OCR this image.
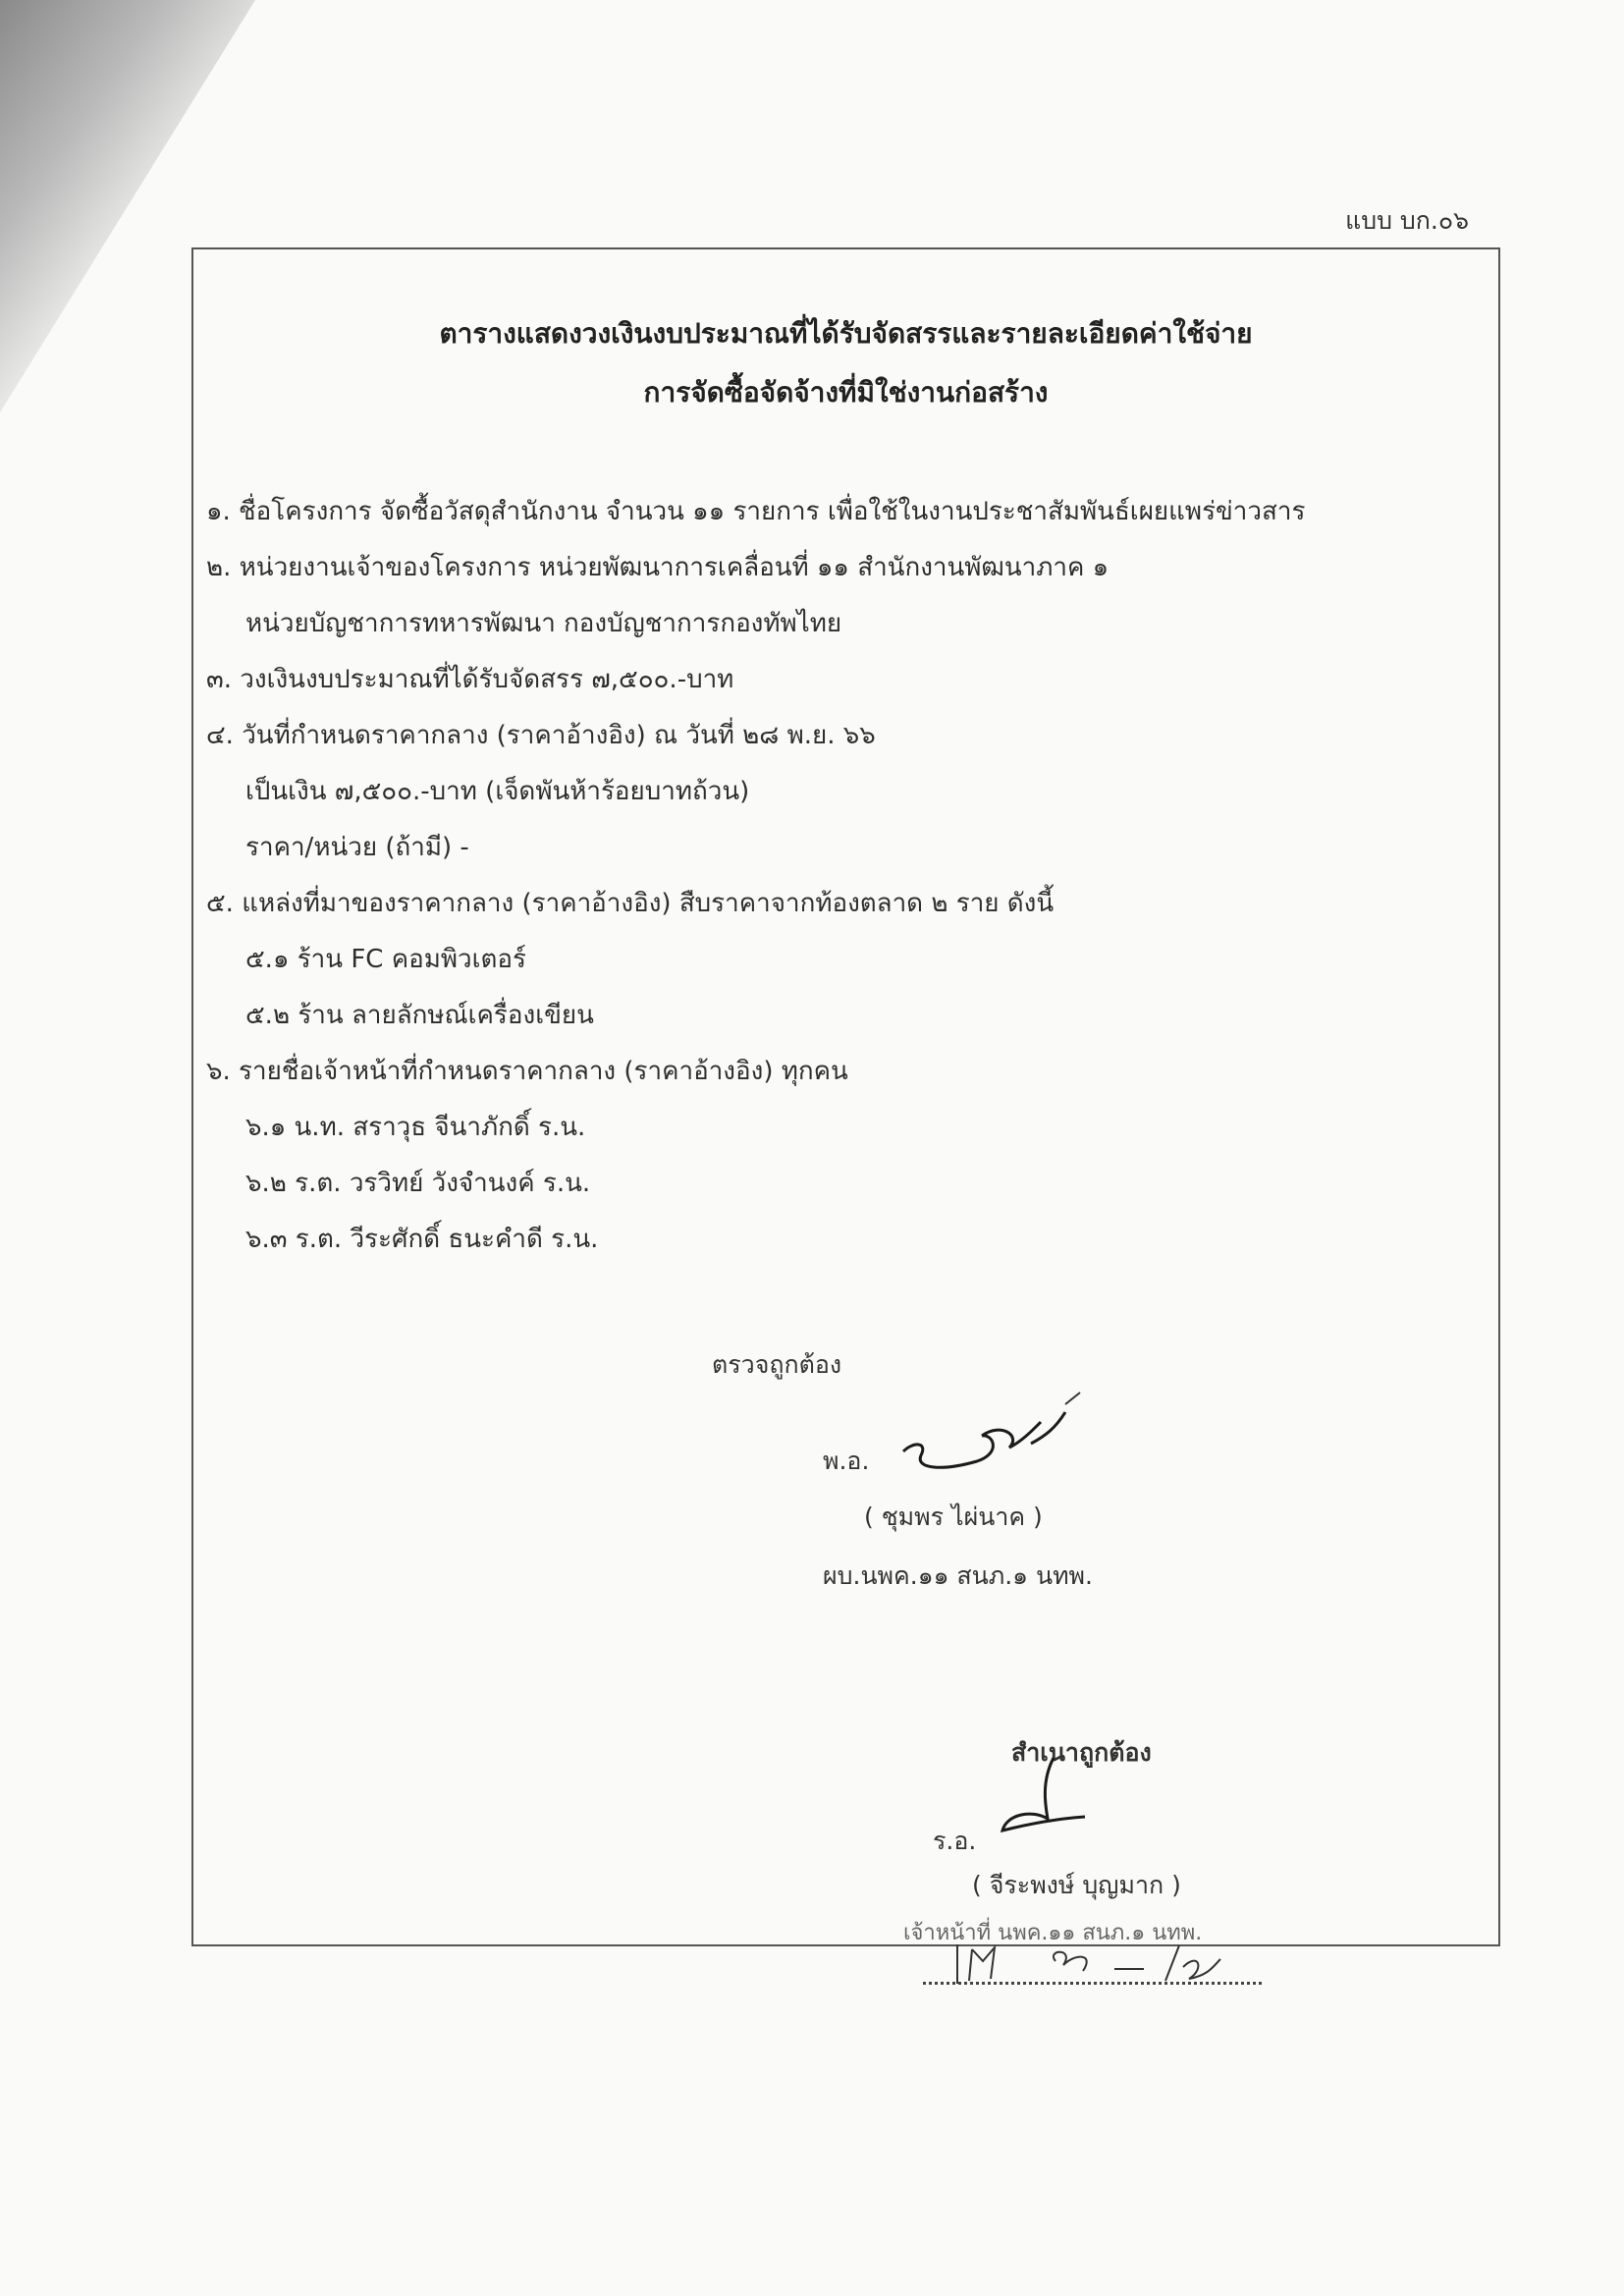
แบบ บก.๐๖
ตารางแสดงวงเงินงบประมาณที่ได้รับจัดสรรและรายละเอียดค่าใช้จ่าย
การจัดซื้อจัดจ้างที่มิใช่งานก่อสร้าง
๑. ชื่อโครงการ จัดซื้อวัสดุสำนักงาน จำนวน ๑๑ รายการ เพื่อใช้ในงานประชาสัมพันธ์เผยแพร่ข่าวสาร
๒. หน่วยงานเจ้าของโครงการ หน่วยพัฒนาการเคลื่อนที่ ๑๑ สำนักงานพัฒนาภาค ๑
หน่วยบัญชาการทหารพัฒนา กองบัญชาการกองทัพไทย
๓. วงเงินงบประมาณที่ได้รับจัดสรร ๗,๕๐๐.-บาท
๔. วันที่กำหนดราคากลาง (ราคาอ้างอิง) ณ วันที่ ๒๘ พ.ย. ๖๖
เป็นเงิน ๗,๕๐๐.-บาท (เจ็ดพันห้าร้อยบาทถ้วน)
ราคา/หน่วย (ถ้ามี) -
๕. แหล่งที่มาของราคากลาง (ราคาอ้างอิง) สืบราคาจากท้องตลาด ๒ ราย ดังนี้
๕.๑ ร้าน FC คอมพิวเตอร์
๕.๒ ร้าน ลายลักษณ์เครื่องเขียน
๖. รายชื่อเจ้าหน้าที่กำหนดราคากลาง (ราคาอ้างอิง) ทุกคน
๖.๑ น.ท. สราวุธ จีนาภักดิ์ ร.น.
๖.๒ ร.ต. วรวิทย์ วังจำนงค์ ร.น.
๖.๓ ร.ต. วีระศักดิ์ ธนะคำดี ร.น.
ตรวจถูกต้อง
พ.อ.
( ชุมพร ไผ่นาค )
ผบ.นพค.๑๑ สนภ.๑ นทพ.
สำเนาถูกต้อง
ร.อ.
( จีระพงษ์ บุญมาก )
เจ้าหน้าที่ นพค.๑๑ สนภ.๑ นทพ.
